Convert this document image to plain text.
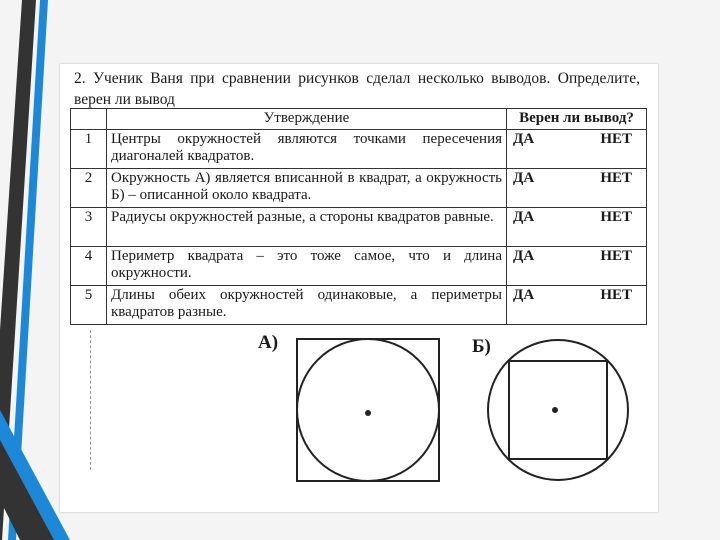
2. Ученик Ваня при сравнении рисунков сделал несколько выводов. Определите, верен ли вывод
	Утверждение	Верен ли вывод?
1	Центры окружностей являются точками пересечения диагоналей квадратов.	ДА НЕТ

2	Окружность А) является вписанной в квадрат, а окружность Б) – описанной около квадрата.	ДА НЕТ

3	Радиусы окружностей разные, а стороны квадратов равные.	ДА НЕТ

4	Периметр квадрата – это тоже самое, что и длина окружности.	ДА НЕТ

5	Длины обеих окружностей одинаковые, а периметры квадратов разные.	ДА НЕТ
А)	Б)
